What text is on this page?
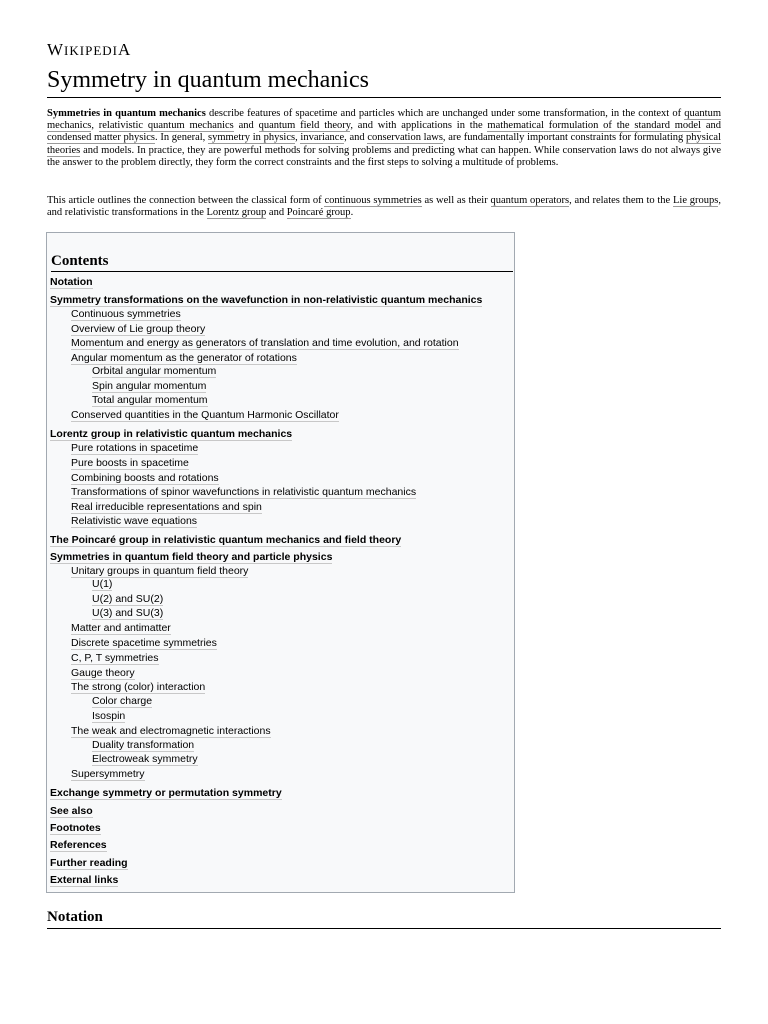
WIKIPEDIA
Symmetry in quantum mechanics

Symmetries in quantum mechanics describe features of spacetime and particles which are unchanged under some transformation, in the context of quantum mechanics, relativistic quantum mechanics and quantum field theory, and with applications in the mathematical formulation of the standard model and condensed matter physics. In general, symmetry in physics, invariance, and conservation laws, are fundamentally important constraints for formulating physical theories and models. In practice, they are powerful methods for solving problems and predicting what can happen. While conservation laws do not always give the answer to the problem directly, they form the correct constraints and the first steps to solving a multitude of problems.

This article outlines the connection between the classical form of continuous symmetries as well as their quantum operators, and relates them to the Lie groups, and relativistic transformations in the Lorentz group and Poincaré group.

Contents
Notation
Symmetry transformations on the wavefunction in non-relativistic quantum mechanics
Continuous symmetries
Overview of Lie group theory
Momentum and energy as generators of translation and time evolution, and rotation
Angular momentum as the generator of rotations
Orbital angular momentum
Spin angular momentum
Total angular momentum
Conserved quantities in the Quantum Harmonic Oscillator
Lorentz group in relativistic quantum mechanics
Pure rotations in spacetime
Pure boosts in spacetime
Combining boosts and rotations
Transformations of spinor wavefunctions in relativistic quantum mechanics
Real irreducible representations and spin
Relativistic wave equations
The Poincaré group in relativistic quantum mechanics and field theory
Symmetries in quantum field theory and particle physics
Unitary groups in quantum field theory
U(1)
U(2) and SU(2)
U(3) and SU(3)
Matter and antimatter
Discrete spacetime symmetries
C, P, T symmetries
Gauge theory
The strong (color) interaction
Color charge
Isospin
The weak and electromagnetic interactions
Duality transformation
Electroweak symmetry
Supersymmetry
Exchange symmetry or permutation symmetry
See also
Footnotes
References
Further reading
External links
Notation
